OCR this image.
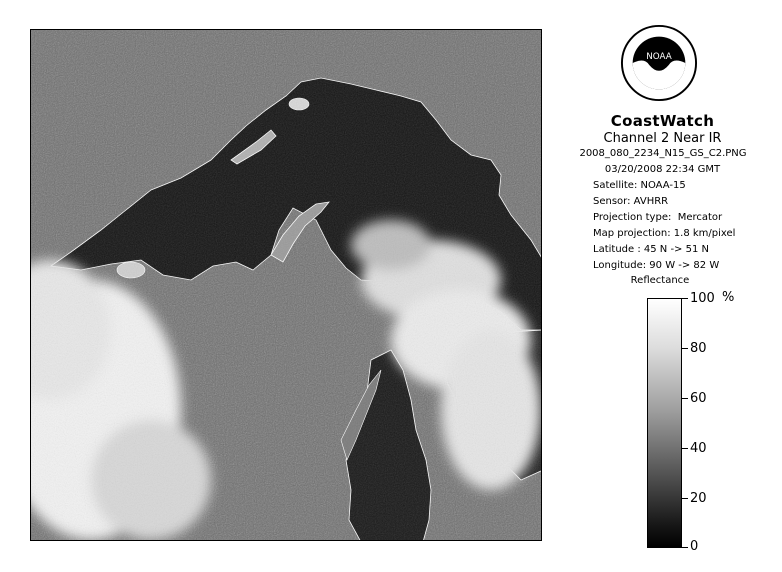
NOAA
CoastWatch
Channel 2 Near IR
2008_080_2234_N15_GS_C2.PNG
03/20/2008 22:34 GMT
Satellite: NOAA-15
Sensor: AVHRR
Projection type:  Mercator
Map projection: 1.8 km/pixel
Latitude : 45 N -> 51 N
Longitude: 90 W -> 82 W
Reflectance
%
100
80
60
40
20
0
